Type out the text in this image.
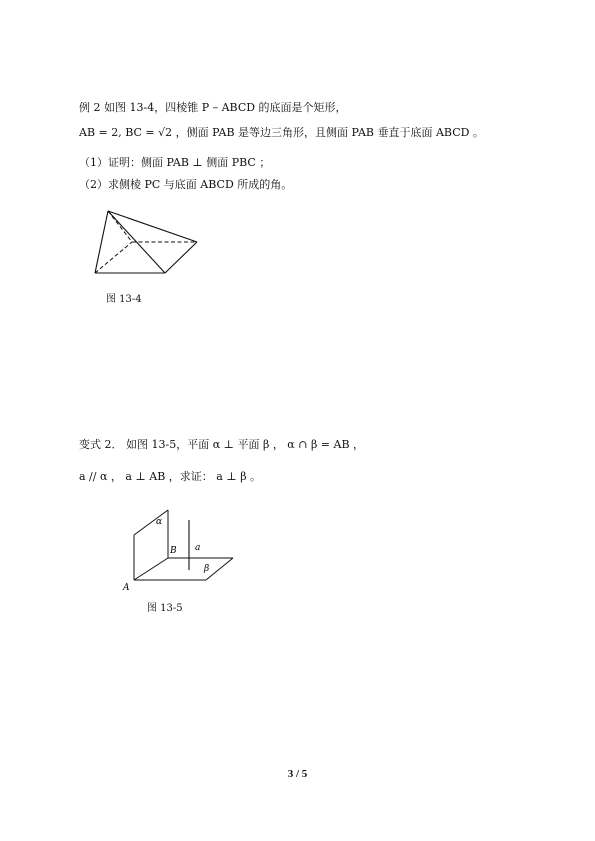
例 2 如图 13-4，四棱锥 P – ABCD 的底面是个矩形，
AB = 2, BC = √2 ，侧面 PAB 是等边三角形，且侧面 PAB 垂直于底面 ABCD 。
（1）证明：侧面 PAB ⊥ 侧面 PBC ；
（2）求侧棱 PC 与底面 ABCD 所成的角。
图 13-4
变式 2． 如图 13-5，平面 α ⊥ 平面 β ， α ∩ β = AB ，
a // α ， a ⊥ AB ，求证： a ⊥ β 。
α
a
B
β
A
图 13-5
3 / 5
